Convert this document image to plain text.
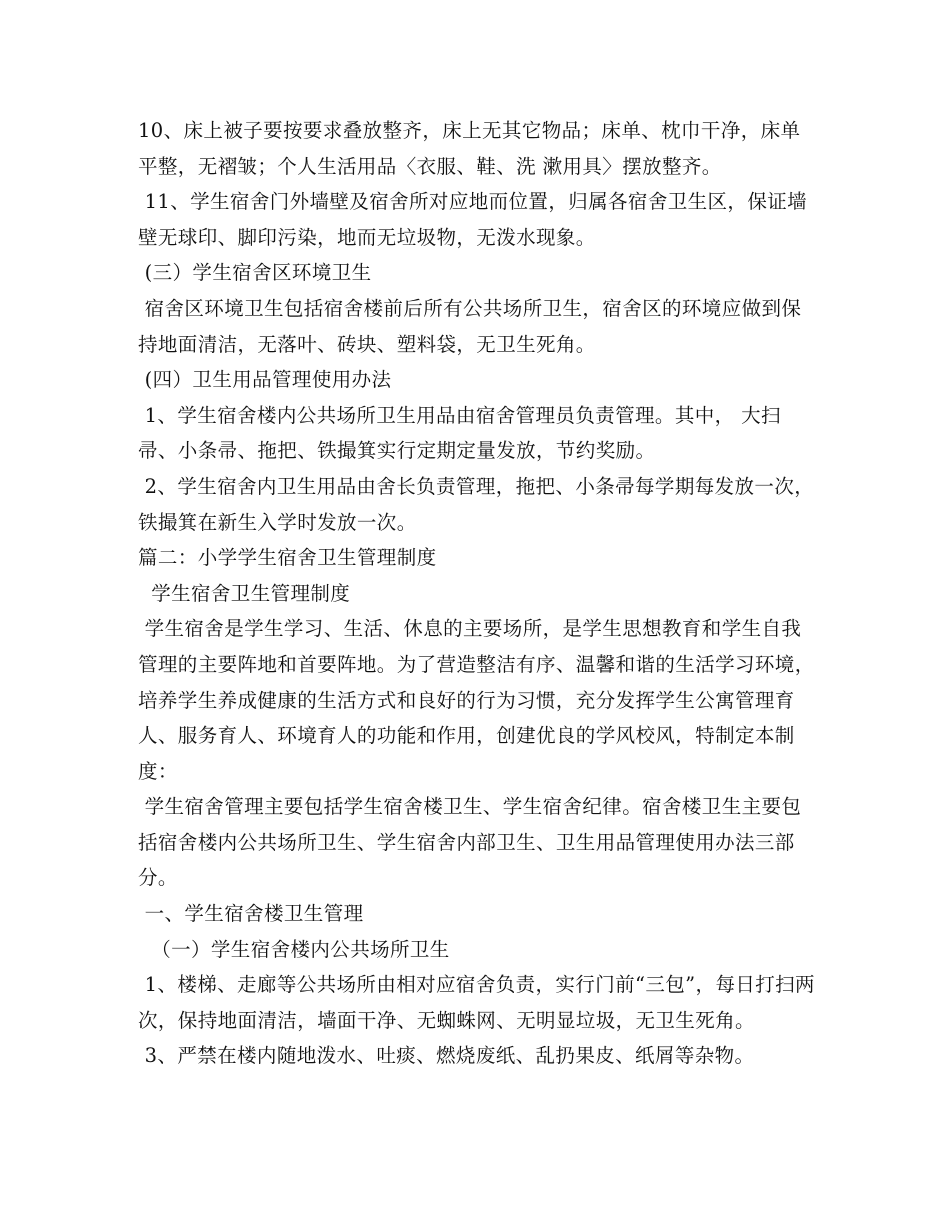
10、床上被子要按要求叠放整齐，床上无其它物品；床单、枕巾干净，床单平整，无褶皱；个人生活用品〈衣服、鞋、洗 漱用具〉摆放整齐。

11、学生宿舍门外墙壁及宿舍所对应地而位置，归属各宿舍卫生区，保证墙壁无球印、脚印污染，地而无垃圾物，无泼水现象。

(三）学生宿舍区环境卫生

宿舍区环境卫生包括宿舍楼前后所有公共场所卫生，宿舍区的环境应做到保持地面清洁，无落叶、砖块、塑料袋，无卫生死角。

(四）卫生用品管理使用办法

1、学生宿舍楼内公共场所卫生用品由宿舍管理员负责管理。其中， 大扫帚、小条帚、拖把、铁撮箕实行定期定量发放，节约奖励。

2、学生宿舍内卫生用品由舍长负责管理，拖把、小条帚每学期每发放一次，铁撮箕在新生入学时发放一次。

篇二：小学学生宿舍卫生管理制度

学生宿舍卫生管理制度

学生宿舍是学生学习、生活、休息的主要场所，是学生思想教育和学生自我管理的主要阵地和首要阵地。为了营造整洁有序、温馨和谐的生活学习环境，培养学生养成健康的生活方式和良好的行为习惯，充分发挥学生公寓管理育人、服务育人、环境育人的功能和作用，创建优良的学风校风，特制定本制度：

学生宿舍管理主要包括学生宿舍楼卫生、学生宿舍纪律。宿舍楼卫生主要包括宿舍楼内公共场所卫生、学生宿舍内部卫生、卫生用品管理使用办法三部分。

一、学生宿舍楼卫生管理

（一）学生宿舍楼内公共场所卫生

1、楼梯、走廊等公共场所由相对应宿舍负责，实行门前“三包”，每日打扫两次，保持地面清洁，墙面干净、无蜘蛛网、无明显垃圾，无卫生死角。

3、严禁在楼内随地泼水、吐痰、燃烧废纸、乱扔果皮、纸屑等杂物。
